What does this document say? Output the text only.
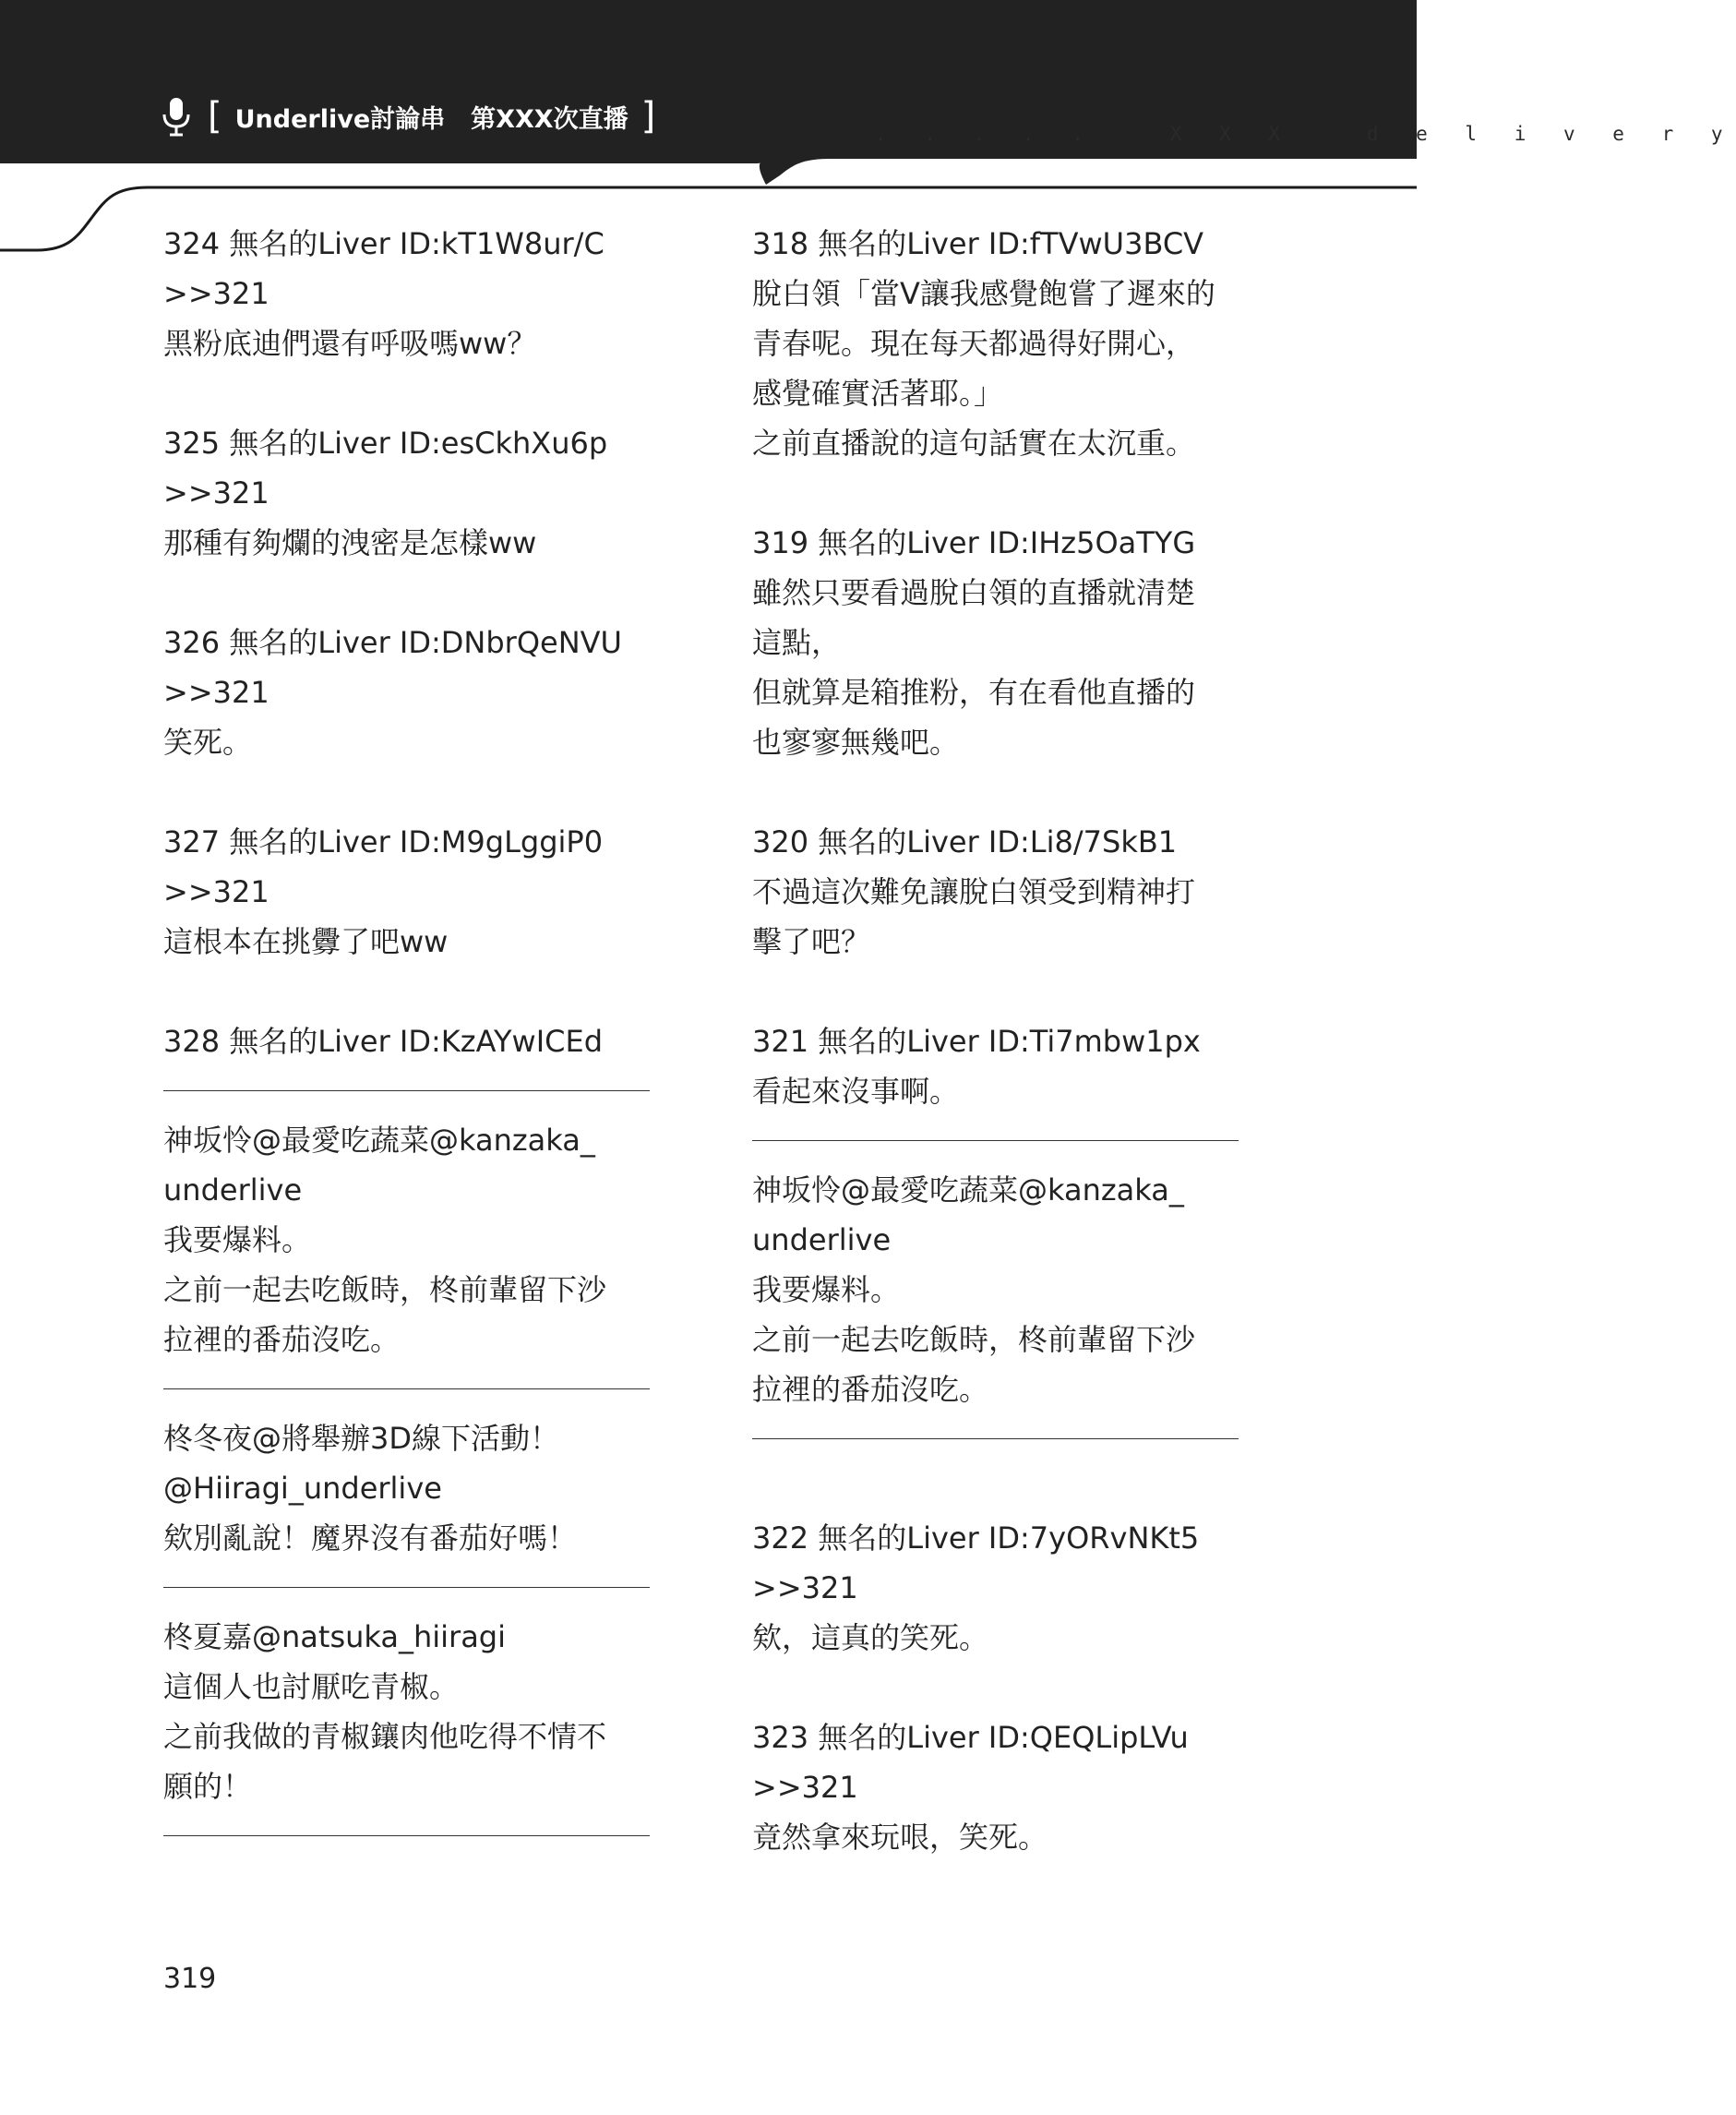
[ Underlive討論串 第XXX次直播 ]	. . . . .   X X X   d e l i v e r y

324 無名的Liver ID:kT1W8ur/C

>>321

黑粉底迪們還有呼吸嗎ww？

325 無名的Liver ID:esCkhXu6p

>>321

那種有夠爛的洩密是怎樣ww

326 無名的Liver ID:DNbrQeNVU

>>321

笑死。

327 無名的Liver ID:M9gLggiP0

>>321

這根本在挑釁了吧ww

328 無名的Liver ID:KzAYwICEd

神坂怜@最愛吃蔬菜@kanzaka_

underlive

我要爆料。

之前一起去吃飯時，柊前輩留下沙

拉裡的番茄沒吃。

柊冬夜@將舉辦3D線下活動！

@Hiiragi_underlive

欸別亂說！魔界沒有番茄好嗎！

柊夏嘉@natsuka_hiiragi

這個人也討厭吃青椒。

之前我做的青椒鑲肉他吃得不情不

願的！

318 無名的Liver ID:fTVwU3BCV

脫白領「當V讓我感覺飽嘗了遲來的

青春呢。現在每天都過得好開心，

感覺確實活著耶。」

之前直播說的這句話實在太沉重。

319 無名的Liver ID:IHz5OaTYG

雖然只要看過脫白領的直播就清楚

這點，

但就算是箱推粉，有在看他直播的

也寥寥無幾吧。

320 無名的Liver ID:Li8/7SkB1

不過這次難免讓脫白領受到精神打

擊了吧？

321 無名的Liver ID:Ti7mbw1px

看起來沒事啊。

神坂怜@最愛吃蔬菜@kanzaka_

underlive

我要爆料。

之前一起去吃飯時，柊前輩留下沙

拉裡的番茄沒吃。

322 無名的Liver ID:7yORvNKt5

>>321

欸，這真的笑死。

323 無名的Liver ID:QEQLipLVu

>>321

竟然拿來玩哏，笑死。

319
